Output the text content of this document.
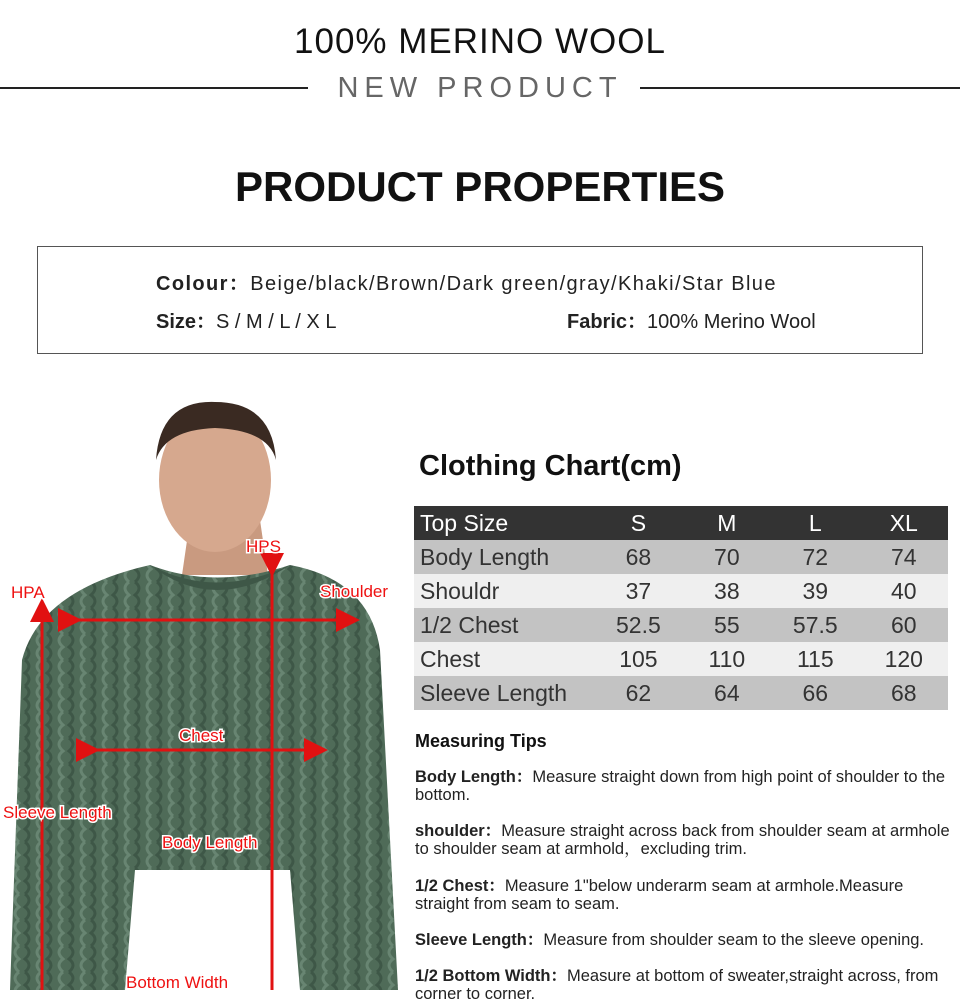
100% MERINO WOOL
NEW PRODUCT
PRODUCT PROPERTIES
Colour：Beige/black/Brown/Dark green/gray/Khaki/Star Blue
Size：S / M / L / X L	Fabric：100% Merino Wool
HPS
HPA	Shoulder
Chest
Sleeve Length
Body Length
Bottom Width
Clothing Chart(cm)
Top Size	S	M	L	XL
Body Length	68	70	72	74
Shouldr	37	38	39	40
1/2 Chest	52.5	55	57.5	60
Chest	105	110	115	120
Sleeve Length	62	64	66	68
Measuring Tips
Body Length：Measure straight down from high point of shoulder to the bottom.
shoulder：Measure straight across back from shoulder seam at armhole to shoulder seam at armhold，excluding trim.
1/2 Chest：Measure 1"below underarm seam at armhole.Measure straight from seam to seam.
Sleeve Length：Measure from shoulder seam to the sleeve opening.
1/2 Bottom Width：Measure at bottom of sweater,straight across, from corner to corner.
